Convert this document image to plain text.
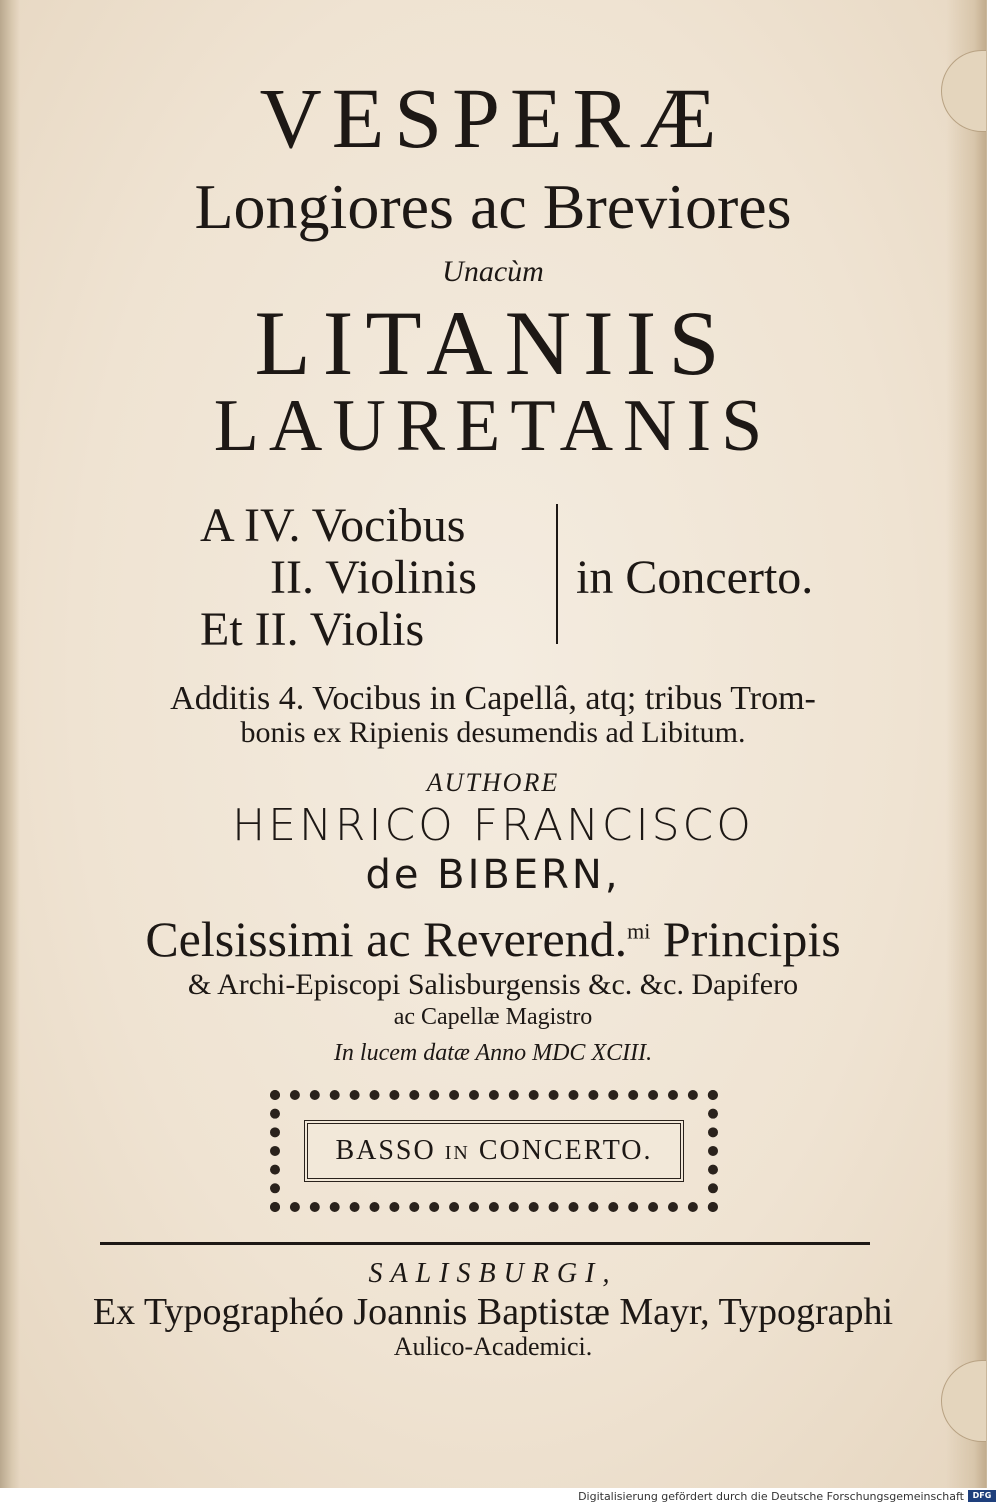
VESPERÆ
Longiores ac Breviores
Unacùm
LITANIIS
LAURETANIS
A IV. Vocibus
II. Violinis
Et II. Violis
in Concerto.
Additis 4. Vocibus in Capellâ, atq; tribus Trom-
bonis ex Ripienis desumendis ad Libitum.
AUTHORE
HENRICO FRANCISCO
de BIBERN,
Celsissimi ac Reverend.$^{mi}$ Principis
& Archi-Episcopi Salisburgensis &c. &c. Dapifero
ac Capellæ Magistro
In lucem datæ Anno MDC XCIII.
BASSO in CONCERTO.
SALISBURGI,
Ex Typographéo Joannis Baptistæ Mayr, Typographi
Aulico-Academici.
Digitalisierung gefördert durch die Deutsche Forschungsgemeinschaft	DFG
